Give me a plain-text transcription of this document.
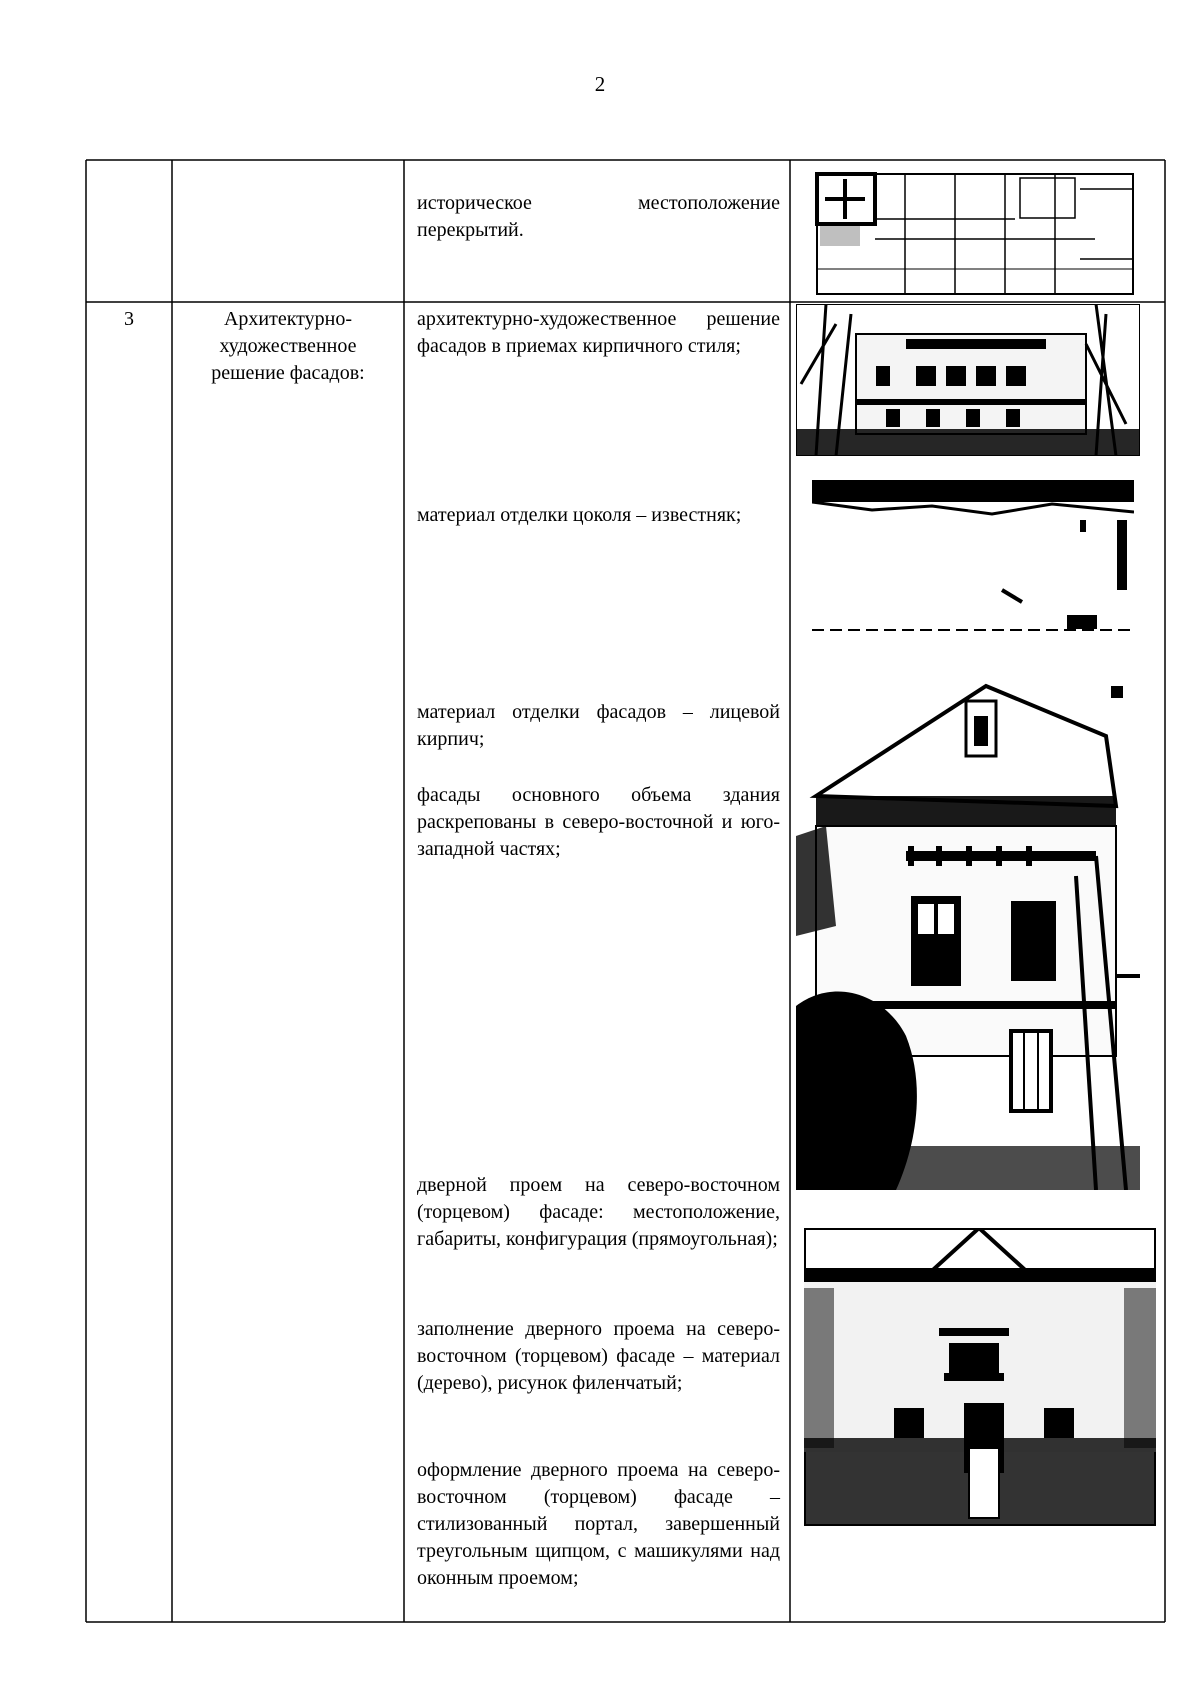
2
историческое местоположение перекрытий.
3	Архитектурно-художественное решение фасадов:
архитектурно-художественное решение фасадов в приемах кирпичного стиля;
материал отделки цоколя – известняк;
материал отделки фасадов – лицевой кирпич;
фасады основного объема здания раскрепованы в северо-восточной и юго-западной частях;
дверной проем на северо-восточном (торцевом) фасаде: местоположение, габариты, конфигурация (прямоугольная);
заполнение дверного проема на северо-восточном (торцевом) фасаде – материал (дерево), рисунок филенчатый;
оформление дверного проема на северо-восточном (торцевом) фасаде – стилизованный портал, завершенный треугольным щипцом, с машикулями над оконным проемом;
